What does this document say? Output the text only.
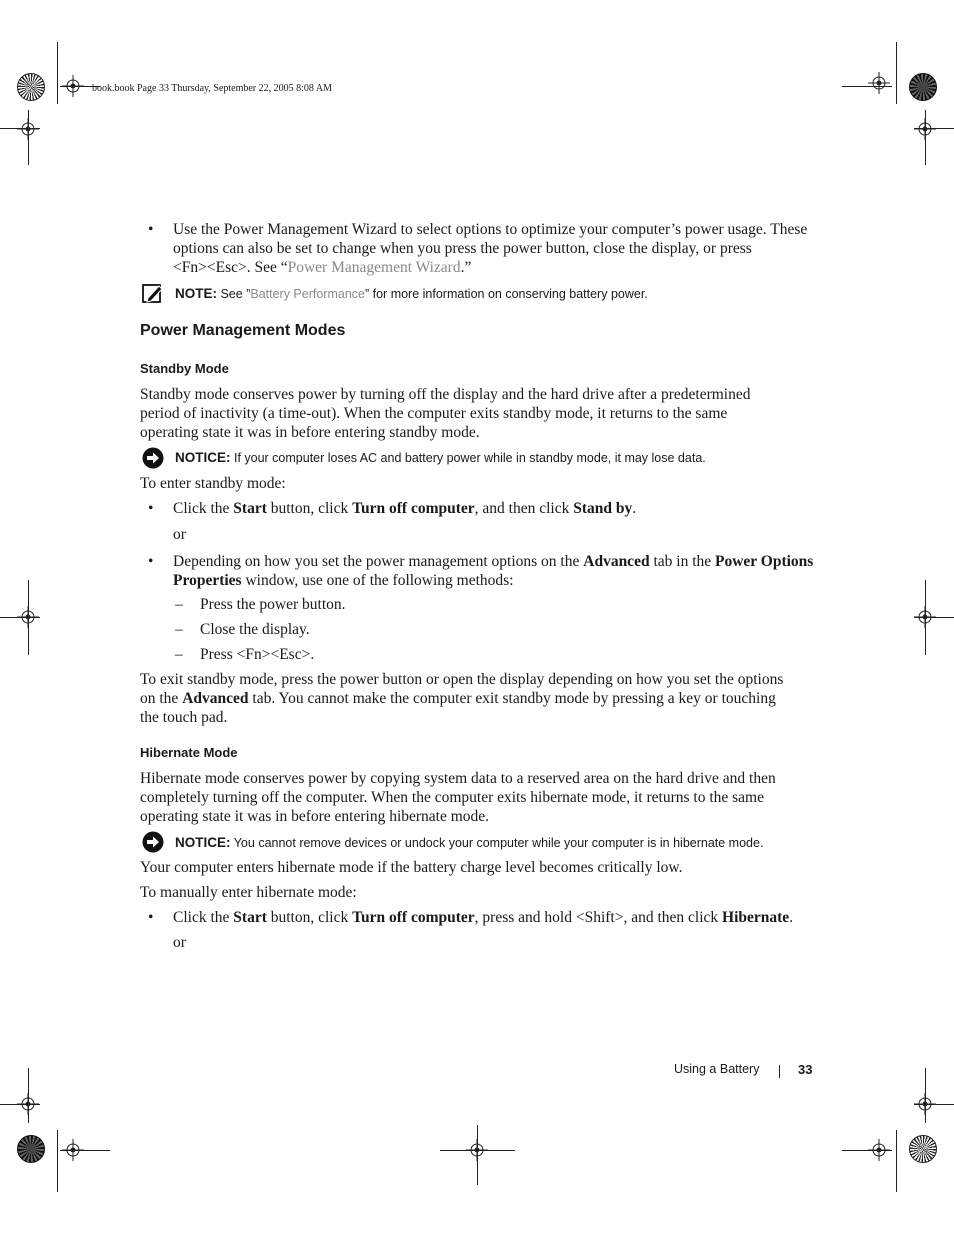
book.book Page 33 Thursday, September 22, 2005 8:08 AM
• Use the Power Management Wizard to select options to optimize your computer’s power usage. These
options can also be set to change when you press the power button, close the display, or press
<Fn><Esc>. See “Power Management Wizard.”
NOTE: See ”Battery Performance” for more information on conserving battery power.
Power Management Modes
Standby Mode
Standby mode conserves power by turning off the display and the hard drive after a predetermined
period of inactivity (a time-out). When the computer exits standby mode, it returns to the same
operating state it was in before entering standby mode.
NOTICE: If your computer loses AC and battery power while in standby mode, it may lose data.
To enter standby mode:
• Click the Start button, click Turn off computer, and then click Stand by.
or
• Depending on how you set the power management options on the Advanced tab in the Power Options
Properties window, use one of the following methods:
– Press the power button.
– Close the display.
– Press <Fn><Esc>.
To exit standby mode, press the power button or open the display depending on how you set the options
on the Advanced tab. You cannot make the computer exit standby mode by pressing a key or touching
the touch pad.
Hibernate Mode
Hibernate mode conserves power by copying system data to a reserved area on the hard drive and then
completely turning off the computer. When the computer exits hibernate mode, it returns to the same
operating state it was in before entering hibernate mode.
NOTICE: You cannot remove devices or undock your computer while your computer is in hibernate mode.
Your computer enters hibernate mode if the battery charge level becomes critically low.
To manually enter hibernate mode:
• Click the Start button, click Turn off computer, press and hold <Shift>, and then click Hibernate.
or
Using a Battery	33
